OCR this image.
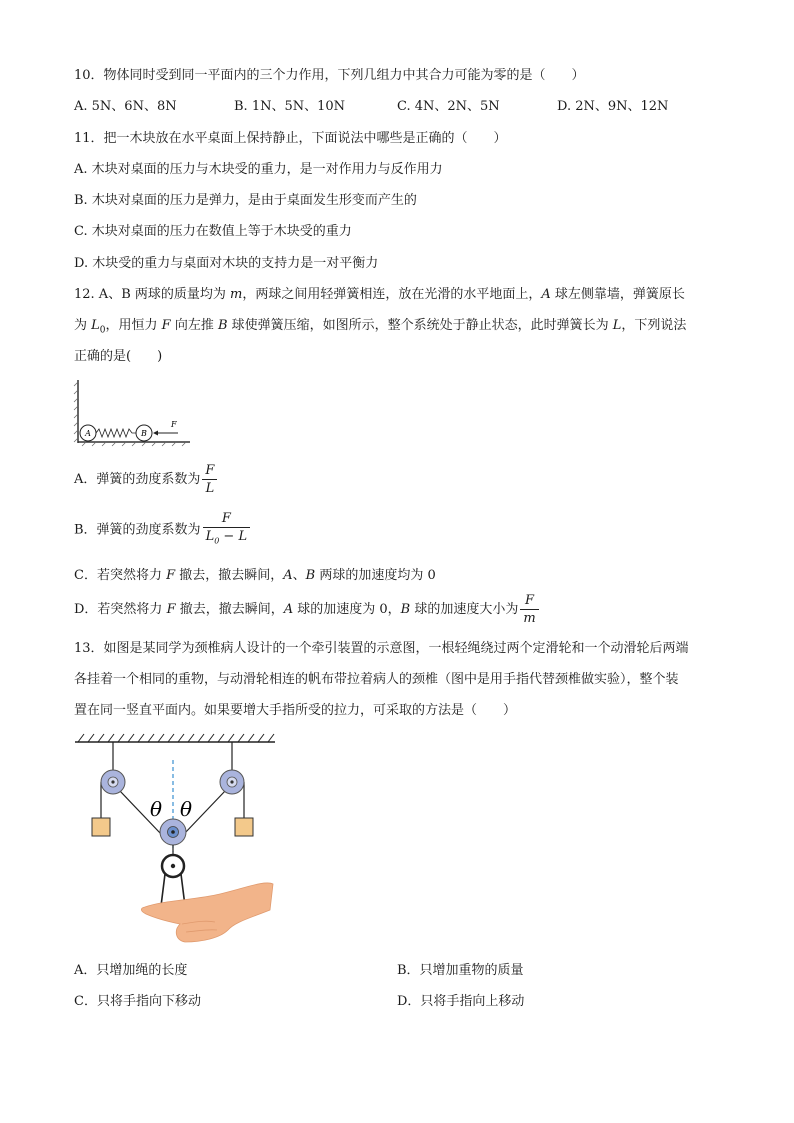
10．物体同时受到同一平面内的三个力作用，下列几组力中其合力可能为零的是（　　）
A. 5N、6N、8N	B. 1N、5N、10N	C. 4N、2N、5N	D. 2N、9N、12N
11．把一木块放在水平桌面上保持静止，下面说法中哪些是正确的（　　）
A. 木块对桌面的压力与木块受的重力，是一对作用力与反作用力
B. 木块对桌面的压力是弹力，是由于桌面发生形变而产生的
C. 木块对桌面的压力在数值上等于木块受的重力
D. 木块受的重力与桌面对木块的支持力是一对平衡力
12. A、B 两球的质量均为 m，两球之间用轻弹簧相连，放在光滑的水平地面上，A 球左侧靠墙，弹簧原长
为 $L_0$，用恒力 F 向左推 B 球使弹簧压缩，如图所示，整个系统处于静止状态，此时弹簧长为 L，下列说法
正确的是(　　)
A	B
F
A．弹簧的劲度系数为 $\frac{F}{L}$
B．弹簧的劲度系数为 $\frac{F}{L_0 - L}$
C．若突然将力 F 撤去，撤去瞬间，A、B 两球的加速度均为 0
D．若突然将力 F 撤去，撤去瞬间，A 球的加速度为 0，B 球的加速度大小为 $\frac{F}{m}$
13．如图是某同学为颈椎病人设计的一个牵引装置的示意图，一根轻绳绕过两个定滑轮和一个动滑轮后两端
各挂着一个相同的重物，与动滑轮相连的帆布带拉着病人的颈椎（图中是用手指代替颈椎做实验），整个装
置在同一竖直平面内。如果要增大手指所受的拉力，可采取的方法是（　　）
θ θ
A．只增加绳的长度	B．只增加重物的质量
C．只将手指向下移动	D．只将手指向上移动
